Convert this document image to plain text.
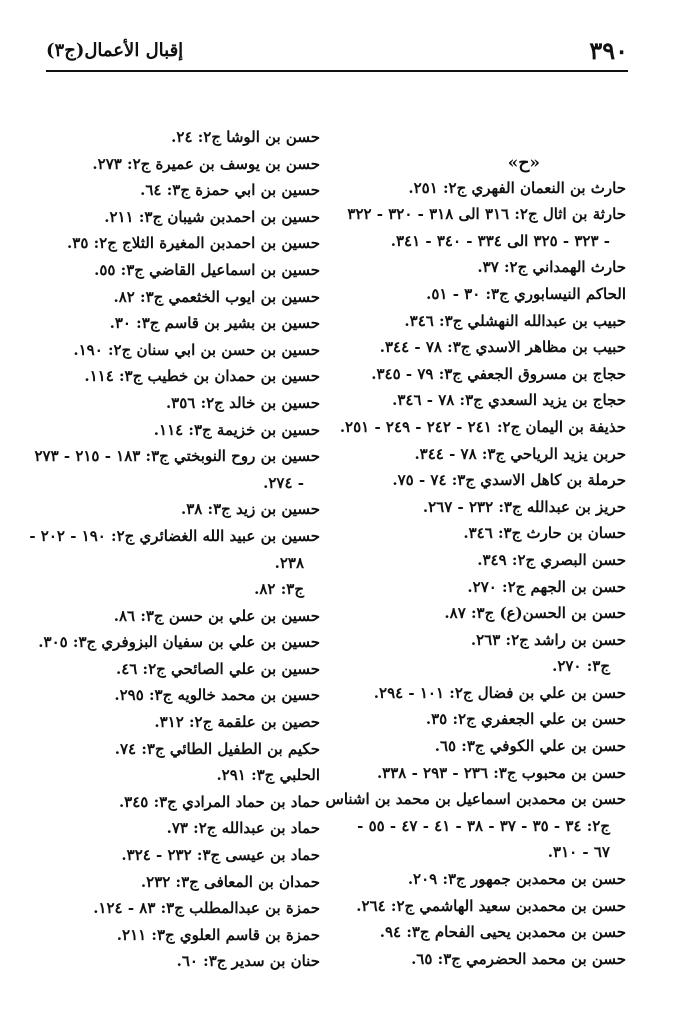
٣٩٠
إقبال الأعمال(ج٣)
«ح»
حارث بن النعمان الفهري ج٢: ٢٥١.
حارثة بن اثال ج٢: ٣١٦ الى ٣١٨ - ٣٢٠ - ٣٢٢
- ٣٢٣ - ٣٢٥ الى ٣٣٤ - ٣٤٠ - ٣٤١.
حارث الهمداني ج٢: ٣٧.
الحاكم النيسابوري ج٣: ٣٠ - ٥١.
حبيب بن عبدالله النهشلي ج٣: ٣٤٦.
حبيب بن مظاهر الاسدي ج٣: ٧٨ - ٣٤٤.
حجاج بن مسروق الجعفي ج٣: ٧٩ - ٣٤٥.
حجاج بن يزيد السعدي ج٣: ٧٨ - ٣٤٦.
حذيفة بن اليمان ج٢: ٢٤١ - ٢٤٢ - ٢٤٩ - ٢٥١.
حربن يزيد الرياحي ج٣: ٧٨ - ٣٤٤.
حرملة بن كاهل الاسدي ج٣: ٧٤ - ٧٥.
حريز بن عبدالله ج٣: ٢٣٢ - ٢٦٧.
حسان بن حارث ج٣: ٣٤٦.
حسن البصري ج٢: ٣٤٩.
حسن بن الجهم ج٢: ٢٧٠.
حسن بن الحسن(ع) ج٣: ٨٧.
حسن بن راشد ج٢: ٢٦٣.
ج٣: ٢٧٠.
حسن بن علي بن فضال ج٢: ١٠١ - ٢٩٤.
حسن بن علي الجعفري ج٢: ٣٥.
حسن بن علي الكوفي ج٣: ٦٥.
حسن بن محبوب ج٣: ٢٣٦ - ٢٩٣ - ٣٣٨.
حسن بن محمدبن اسماعيل بن محمد بن اشناس
ج٢: ٣٤ - ٣٥ - ٣٧ - ٣٨ - ٤١ - ٤٧ - ٥٥ -
٦٧ - ٣١٠.
حسن بن محمدبن جمهور ج٣: ٢٠٩.
حسن بن محمدبن سعيد الهاشمي ج٢: ٢٦٤.
حسن بن محمدبن يحيى الفحام ج٣: ٩٤.
حسن بن محمد الحضرمي ج٣: ٦٥.
حسن بن الوشا ج٢: ٢٤.
حسن بن يوسف بن عميرة ج٢: ٢٧٣.
حسين بن ابي حمزة ج٣: ٦٤.
حسين بن احمدبن شيبان ج٣: ٢١١.
حسين بن احمدبن المغيرة الثلاج ج٢: ٣٥.
حسين بن اسماعيل القاضي ج٣: ٥٥.
حسين بن ايوب الخثعمي ج٣: ٨٢.
حسين بن بشير بن قاسم ج٣: ٣٠.
حسين بن حسن بن ابي سنان ج٢: ١٩٠.
حسين بن حمدان بن خطيب ج٣: ١١٤.
حسين بن خالد ج٢: ٣٥٦.
حسين بن خزيمة ج٣: ١١٤.
حسين بن روح النوبختي ج٣: ١٨٣ - ٢١٥ - ٢٧٣
- ٢٧٤.
حسين بن زيد ج٣: ٣٨.
حسين بن عبيد الله الغضائري ج٢: ١٩٠ - ٢٠٢ -
٢٣٨.
ج٣: ٨٢.
حسين بن علي بن حسن ج٣: ٨٦.
حسين بن علي بن سفيان البزوفري ج٣: ٣٠٥.
حسين بن علي الصائحي ج٢: ٤٦.
حسين بن محمد خالويه ج٣: ٢٩٥.
حصين بن علقمة ج٢: ٣١٢.
حكيم بن الطفيل الطائي ج٣: ٧٤.
الحلبي ج٣: ٢٩١.
حماد بن حماد المرادي ج٣: ٣٤٥.
حماد بن عبدالله ج٢: ٧٣.
حماد بن عيسى ج٣: ٢٣٢ - ٣٢٤.
حمدان بن المعافى ج٣: ٢٣٢.
حمزة بن عبدالمطلب ج٣: ٨٣ - ١٢٤.
حمزة بن قاسم العلوي ج٣: ٢١١.
حنان بن سدير ج٣: ٦٠.
